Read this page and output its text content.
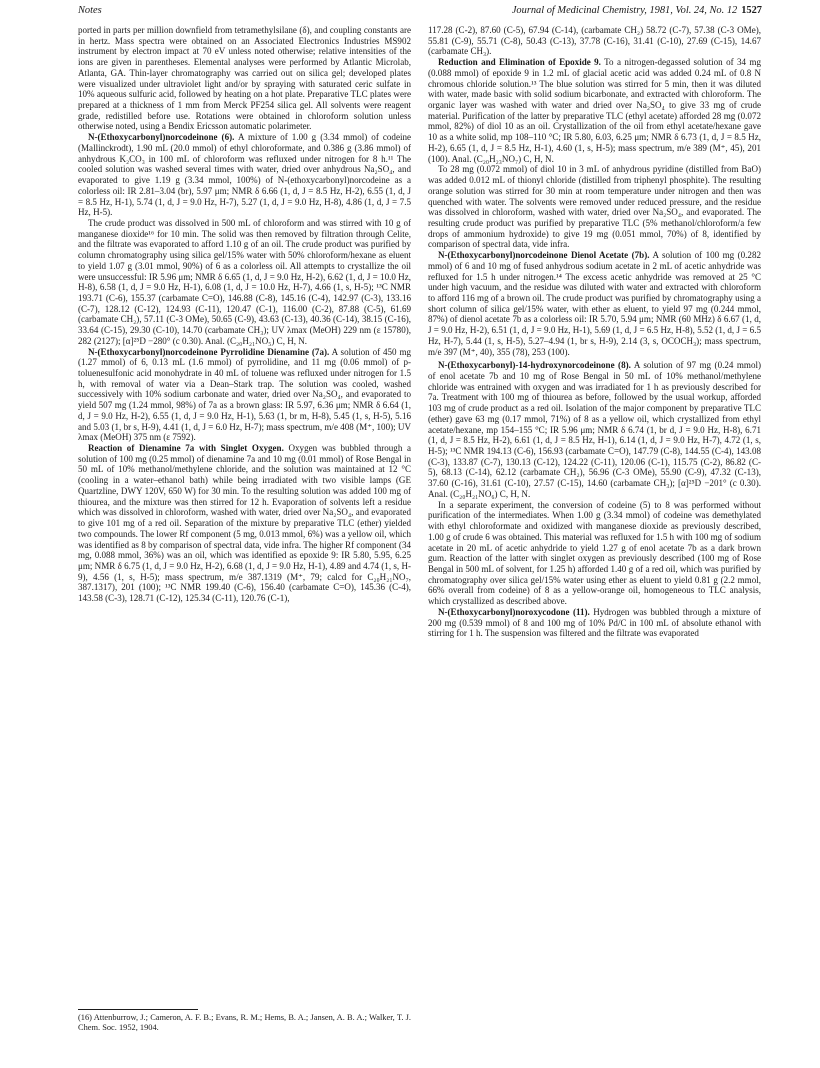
Notes	Journal of Medicinal Chemistry, 1981, Vol. 24, No. 12 1527

ported in parts per million downfield from tetramethylsilane (δ), and coupling constants are in hertz. Mass spectra were obtained on an Associated Electronics Industries MS902 instrument by electron impact at 70 eV unless noted otherwise; relative intensities of the ions are given in parentheses. Elemental analyses were performed by Atlantic Microlab, Atlanta, GA. Thin-layer chromatography was carried out on silica gel; developed plates were visualized under ultraviolet light and/or by spraying with saturated ceric sulfate in 10% aqueous sulfuric acid, followed by heating on a hot plate. Preparative TLC plates were prepared at a thickness of 1 mm from Merck PF254 silica gel. All solvents were reagent grade, redistilled before use. Rotations were obtained in chloroform solution unless otherwise noted, using a Bendix Ericsson automatic polarimeter.

N-(Ethoxycarbonyl)norcodeinone (6). A mixture of 1.00 g (3.34 mmol) of codeine (Mallinckrodt), 1.90 mL (20.0 mmol) of ethyl chloroformate, and 0.386 g (3.86 mmol) of anhydrous K₂CO₃ in 100 mL of chloroform was refluxed under nitrogen for 8 h.¹¹ The cooled solution was washed several times with water, dried over anhydrous Na₂SO₄, and evaporated to give 1.19 g (3.34 mmol, 100%) of N-(ethoxycarbonyl)norcodeine as a colorless oil: IR 2.81–3.04 (br), 5.97 μm; NMR δ 6.66 (1, d, J = 8.5 Hz, H-2), 6.55 (1, d, J = 8.5 Hz, H-1), 5.74 (1, d, J = 9.0 Hz, H-7), 5.27 (1, d, J = 9.0 Hz, H-8), 4.86 (1, d, J = 7.5 Hz, H-5).

The crude product was dissolved in 500 mL of chloroform and was stirred with 10 g of manganese dioxide¹⁶ for 10 min. The solid was then removed by filtration through Celite, and the filtrate was evaporated to afford 1.10 g of an oil. The crude product was purified by column chromatography using silica gel/15% water with 50% chloroform/hexane as eluent to yield 1.07 g (3.01 mmol, 90%) of 6 as a colorless oil. All attempts to crystallize the oil were unsuccessful: IR 5.96 μm; NMR δ 6.65 (1, d, J = 9.0 Hz, H-2), 6.62 (1, d, J = 10.0 Hz, H-8), 6.58 (1, d, J = 9.0 Hz, H-1), 6.08 (1, d, J = 10.0 Hz, H-7), 4.66 (1, s, H-5); ¹³C NMR 193.71 (C-6), 155.37 (carbamate C=O), 146.88 (C-8), 145.16 (C-4), 142.97 (C-3), 133.16 (C-7), 128.12 (C-12), 124.93 (C-11), 120.47 (C-1), 116.00 (C-2), 87.88 (C-5), 61.69 (carbamate CH₂), 57.11 (C-3 OMe), 50.65 (C-9), 43.63 (C-13), 40.36 (C-14), 38.15 (C-16), 33.64 (C-15), 29.30 (C-10), 14.70 (carbamate CH₃); UV λmax (MeOH) 229 nm (ε 15780), 282 (2127); [α]²⁵D −280° (c 0.30). Anal. (C₂₀H₂₁NO₅) C, H, N.

N-(Ethoxycarbonyl)norcodeinone Pyrrolidine Dienamine (7a). A solution of 450 mg (1.27 mmol) of 6, 0.13 mL (1.6 mmol) of pyrrolidine, and 11 mg (0.06 mmol) of p-toluenesulfonic acid monohydrate in 40 mL of toluene was refluxed under nitrogen for 1.5 h, with removal of water via a Dean–Stark trap. The solution was cooled, washed successively with 10% sodium carbonate and water, dried over Na₂SO₄, and evaporated to yield 507 mg (1.24 mmol, 98%) of 7a as a brown glass: IR 5.97, 6.36 μm; NMR δ 6.64 (1, d, J = 9.0 Hz, H-2), 6.55 (1, d, J = 9.0 Hz, H-1), 5.63 (1, br m, H-8), 5.45 (1, s, H-5), 5.16 and 5.03 (1, br s, H-9), 4.41 (1, d, J = 6.0 Hz, H-7); mass spectrum, m/e 408 (M⁺, 100); UV λmax (MeOH) 375 nm (ε 7592).

Reaction of Dienamine 7a with Singlet Oxygen. Oxygen was bubbled through a solution of 100 mg (0.25 mmol) of dienamine 7a and 10 mg (0.01 mmol) of Rose Bengal in 50 mL of 10% methanol/methylene chloride, and the solution was maintained at 12 °C (cooling in a water–ethanol bath) while being irradiated with two visible lamps (GE Quartzline, DWY 120V, 650 W) for 30 min. To the resulting solution was added 100 mg of thiourea, and the mixture was then stirred for 12 h. Evaporation of solvents left a residue which was dissolved in chloroform, washed with water, dried over Na₂SO₄, and evaporated to give 101 mg of a red oil. Separation of the mixture by preparative TLC (ether) yielded two compounds. The lower Rf component (5 mg, 0.013 mmol, 6%) was a yellow oil, which was identified as 8 by comparison of spectral data, vide infra. The higher Rf component (34 mg, 0.088 mmol, 36%) was an oil, which was identified as epoxide 9: IR 5.80, 5.95, 6.25 μm; NMR δ 6.75 (1, d, J = 9.0 Hz, H-2), 6.68 (1, d, J = 9.0 Hz, H-1), 4.89 and 4.74 (1, s, H-9), 4.56 (1, s, H-5); mass spectrum, m/e 387.1319 (M⁺, 79; calcd for C₂₀H₂₁NO₇, 387.1317), 201 (100); ¹³C NMR 199.40 (C-6), 156.40 (carbamate C=O), 145.36 (C-4), 143.58 (C-3), 128.71 (C-12), 125.34 (C-11), 120.76 (C-1),

117.28 (C-2), 87.60 (C-5), 67.94 (C-14), (carbamate CH₂) 58.72 (C-7), 57.38 (C-3 OMe), 55.81 (C-9), 55.71 (C-8), 50.43 (C-13), 37.78 (C-16), 31.41 (C-10), 27.69 (C-15), 14.67 (carbamate CH₃).

Reduction and Elimination of Epoxide 9. To a nitrogen-degassed solution of 34 mg (0.088 mmol) of epoxide 9 in 1.2 mL of glacial acetic acid was added 0.24 mL of 0.8 N chromous chloride solution.¹³ The blue solution was stirred for 5 min, then it was diluted with water, made basic with solid sodium bicarbonate, and extracted with chloroform. The organic layer was washed with water and dried over Na₂SO₄ to give 33 mg of crude material. Purification of the latter by preparative TLC (ethyl acetate) afforded 28 mg (0.072 mmol, 82%) of diol 10 as an oil. Crystallization of the oil from ethyl acetate/hexane gave 10 as a white solid, mp 108–110 °C; IR 5.80, 6.03, 6.25 μm; NMR δ 6.73 (1, d, J = 8.5 Hz, H-2), 6.65 (1, d, J = 8.5 Hz, H-1), 4.60 (1, s, H-5); mass spectrum, m/e 389 (M⁺, 45), 201 (100). Anal. (C₂₀H₂₃NO₇) C, H, N.

To 28 mg (0.072 mmol) of diol 10 in 3 mL of anhydrous pyridine (distilled from BaO) was added 0.012 mL of thionyl chloride (distilled from triphenyl phosphite). The resulting orange solution was stirred for 30 min at room temperature under nitrogen and then was quenched with water. The solvents were removed under reduced pressure, and the residue was dissolved in chloroform, washed with water, dried over Na₂SO₄, and evaporated. The resulting crude product was purified by preparative TLC (5% methanol/chloroform/a few drops of ammonium hydroxide) to give 19 mg (0.051 mmol, 70%) of 8, identified by comparison of spectral data, vide infra.

N-(Ethoxycarbonyl)norcodeinone Dienol Acetate (7b). A solution of 100 mg (0.282 mmol) of 6 and 10 mg of fused anhydrous sodium acetate in 2 mL of acetic anhydride was refluxed for 1.5 h under nitrogen.¹⁴ The excess acetic anhydride was removed at 25 °C under high vacuum, and the residue was diluted with water and extracted with chloroform to afford 116 mg of a brown oil. The crude product was purified by chromatography using a short column of silica gel/15% water, with ether as eluent, to yield 97 mg (0.244 mmol, 87%) of dienol acetate 7b as a colorless oil: IR 5.70, 5.94 μm; NMR (60 MHz) δ 6.67 (1, d, J = 9.0 Hz, H-2), 6.51 (1, d, J = 9.0 Hz, H-1), 5.69 (1, d, J = 6.5 Hz, H-8), 5.52 (1, d, J = 6.5 Hz, H-7), 5.44 (1, s, H-5), 5.27–4.94 (1, br s, H-9), 2.14 (3, s, OCOCH₃); mass spectrum, m/e 397 (M⁺, 40), 355 (78), 253 (100).

N-(Ethoxycarbonyl)-14-hydroxynorcodeinone (8). A solution of 97 mg (0.24 mmol) of enol acetate 7b and 10 mg of Rose Bengal in 50 mL of 10% methanol/methylene chloride was entrained with oxygen and was irradiated for 1 h as previously described for 7a. Treatment with 100 mg of thiourea as before, followed by the usual workup, afforded 103 mg of crude product as a red oil. Isolation of the major component by preparative TLC (ether) gave 63 mg (0.17 mmol, 71%) of 8 as a yellow oil, which crystallized from ethyl acetate/hexane, mp 154–155 °C; IR 5.96 μm; NMR δ 6.74 (1, br d, J = 9.0 Hz, H-8), 6.71 (1, d, J = 8.5 Hz, H-2), 6.61 (1, d, J = 8.5 Hz, H-1), 6.14 (1, d, J = 9.0 Hz, H-7), 4.72 (1, s, H-5); ¹³C NMR 194.13 (C-6), 156.93 (carbamate C=O), 147.79 (C-8), 144.55 (C-4), 143.08 (C-3), 133.87 (C-7), 130.13 (C-12), 124.22 (C-11), 120.06 (C-1), 115.75 (C-2), 86.82 (C-5), 68.13 (C-14), 62.12 (carbamate CH₂), 56.96 (C-3 OMe), 55.90 (C-9), 47.32 (C-13), 37.60 (C-16), 31.61 (C-10), 27.57 (C-15), 14.60 (carbamate CH₃); [α]²⁵D −201° (c 0.30). Anal. (C₂₀H₂₁NO₆) C, H, N.

In a separate experiment, the conversion of codeine (5) to 8 was performed without purification of the intermediates. When 1.00 g (3.34 mmol) of codeine was demethylated with ethyl chloroformate and oxidized with manganese dioxide as previously described, 1.00 g of crude 6 was obtained. This material was refluxed for 1.5 h with 100 mg of sodium acetate in 20 mL of acetic anhydride to yield 1.27 g of enol acetate 7b as a dark brown gum. Reaction of the latter with singlet oxygen as previously described (100 mg of Rose Bengal in 500 mL of solvent, for 1.25 h) afforded 1.40 g of a red oil, which was purified by chromatography over silica gel/15% water using ether as eluent to yield 0.81 g (2.2 mmol, 66% overall from codeine) of 8 as a yellow-orange oil, homogeneous to TLC analysis, which crystallized as described above.

N-(Ethoxycarbonyl)noroxycodone (11). Hydrogen was bubbled through a mixture of 200 mg (0.539 mmol) of 8 and 100 mg of 10% Pd/C in 100 mL of absolute ethanol with stirring for 1 h. The suspension was filtered and the filtrate was evaporated

(16) Attenburrow, J.; Cameron, A. F. B.; Evans, R. M.; Hems, B. A.; Jansen, A. B. A.; Walker, T. J. Chem. Soc. 1952, 1904.
